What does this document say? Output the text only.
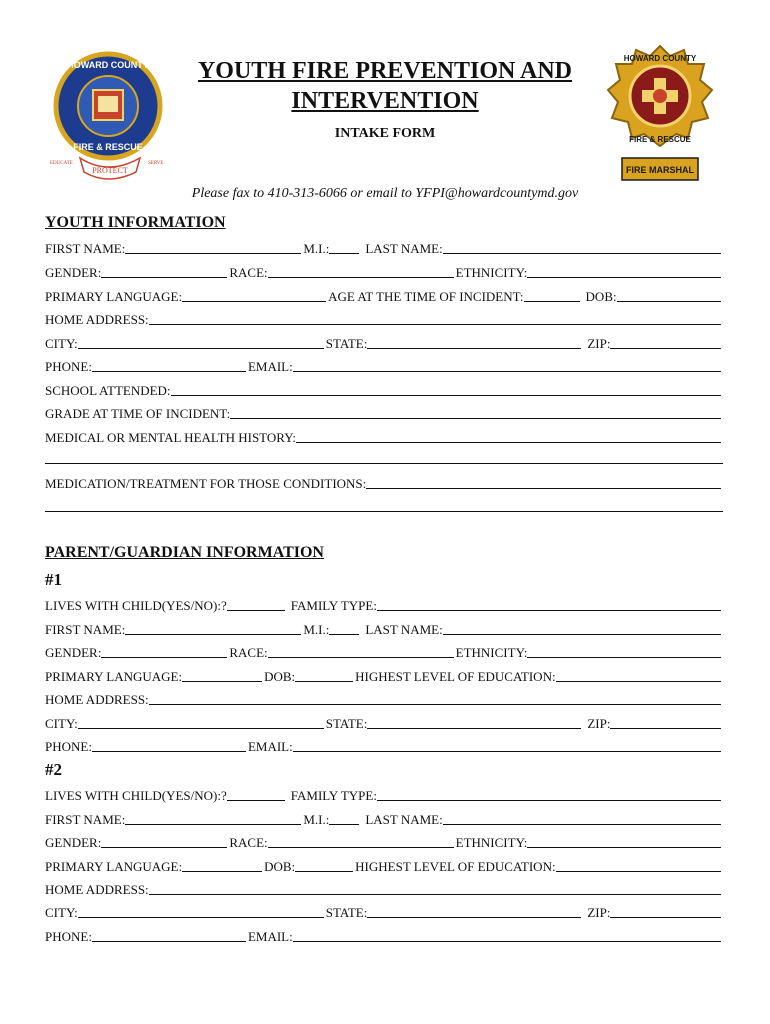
PROTECT
EDUCATE	SERVE
HOWARD COUNTY
FIRE & RESCUE
HOWARD COUNTY
FIRE & RESCUE
FIRE MARSHAL
YOUTH FIRE PREVENTION AND
INTERVENTION
INTAKE FORM
Please fax to 410-313-6066 or email to YFPI@howardcountymd.gov
YOUTH INFORMATION
FIRST NAME:	M.I.:	LAST NAME:
GENDER:	RACE:	ETHNICITY:
PRIMARY LANGUAGE:	AGE AT THE TIME OF INCIDENT:	DOB:
HOME ADDRESS:
CITY:	STATE:	ZIP:
PHONE:	EMAIL:
SCHOOL ATTENDED:
GRADE AT TIME OF INCIDENT:
MEDICAL OR MENTAL HEALTH HISTORY:
MEDICATION/TREATMENT FOR THOSE CONDITIONS:
PARENT/GUARDIAN INFORMATION
#1
LIVES WITH CHILD(YES/NO):?	FAMILY TYPE:
FIRST NAME:	M.I.:	LAST NAME:
GENDER:	RACE:	ETHNICITY:
PRIMARY LANGUAGE:	DOB:	HIGHEST LEVEL OF EDUCATION:
HOME ADDRESS:
CITY:	STATE:	ZIP:
PHONE:	EMAIL:
#2
LIVES WITH CHILD(YES/NO):?	FAMILY TYPE:
FIRST NAME:	M.I.:	LAST NAME:
GENDER:	RACE:	ETHNICITY:
PRIMARY LANGUAGE:	DOB:	HIGHEST LEVEL OF EDUCATION:
HOME ADDRESS:
CITY:	STATE:	ZIP:
PHONE:	EMAIL:
